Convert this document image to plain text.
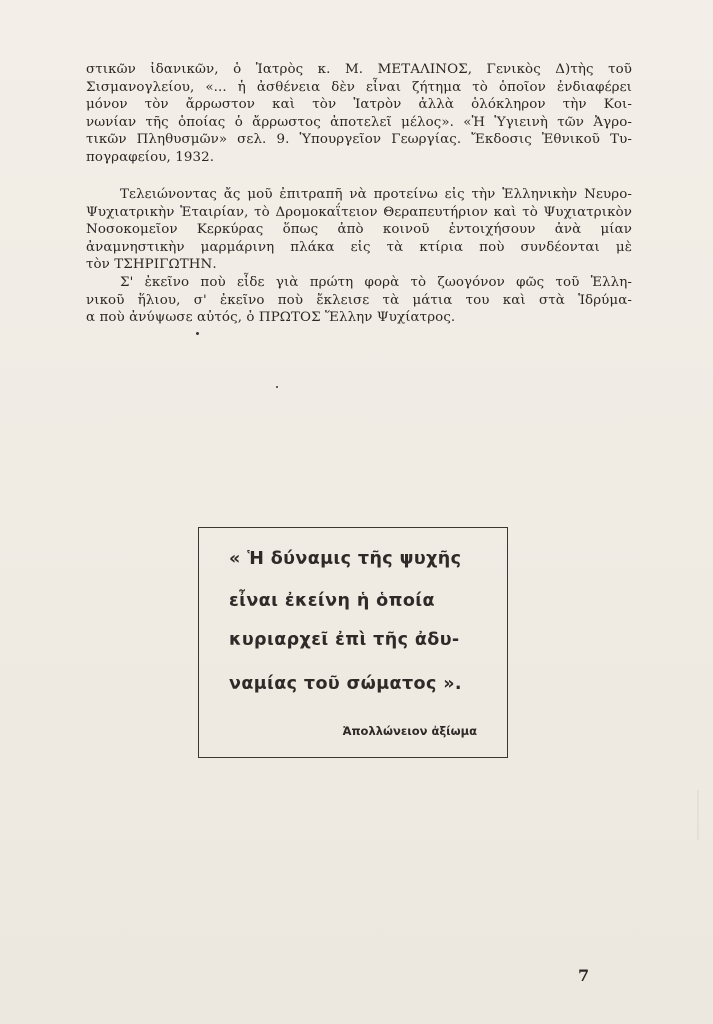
στικῶν ἰδανικῶν, ὁ Ἰατρὸς κ. Μ. ΜΕΤΑΛΙΝΟΣ, Γενικὸς Δ)τὴς τοῦ
Σισμανογλείου, «... ἡ ἀσθένεια δὲν εἶναι ζήτημα τὸ ὁποῖον ἐνδιαφέρει
μόνον τὸν ἄρρωστον καὶ τὸν Ἰατρὸν ἀλλὰ ὁλόκληρον τὴν Κοι-
νωνίαν τῆς ὁποίας ὁ ἄρρωστος ἀποτελεῖ μέλος». «Ἡ Ὑγιεινὴ τῶν Ἀγρο-
τικῶν Πληθυσμῶν» σελ. 9. Ὑπουργεῖον Γεωργίας. Ἔκδοσις Ἐθνικοῦ Τυ-
πογραφείου, 1932.
Τελειώνοντας ἄς μοῦ ἐπιτραπῆ νὰ προτείνω εἰς τὴν Ἑλληνικὴν Νευρο-
Ψυχιατρικὴν Ἑταιρίαν, τὸ Δρομοκαΐτειον Θεραπευτήριον καὶ τὸ Ψυχιατρικὸν
Νοσοκομεῖον Κερκύρας ὅπως ἀπὸ κοινοῦ ἐντοιχήσουν ἀνὰ μίαν
ἀναμνηστικὴν μαρμάρινη πλάκα εἰς τὰ κτίρια ποὺ συνδέονται μὲ
τὸν ΤΣΗΡΙΓΩΤΗΝ.
Σ' ἐκεῖνο ποὺ εἶδε γιὰ πρώτη φορὰ τὸ ζωογόνον φῶς τοῦ Ἑλλη-
νικοῦ ἥλιου, σ' ἐκεῖνο ποὺ ἔκλεισε τὰ μάτια του καὶ στὰ Ἱδρύμα-
α ποὺ ἀνύψωσε αὐτός, ὁ ΠΡΩΤΟΣ Ἕλλην Ψυχίατρος.
« Ἡ δύναμις τῆς ψυχῆς
εἶναι ἐκείνη ἡ ὁποία
κυριαρχεῖ ἐπὶ τῆς ἀδυ-
ναμίας τοῦ σώματος ».
Ἀπολλώνειον ἀξίωμα
7
